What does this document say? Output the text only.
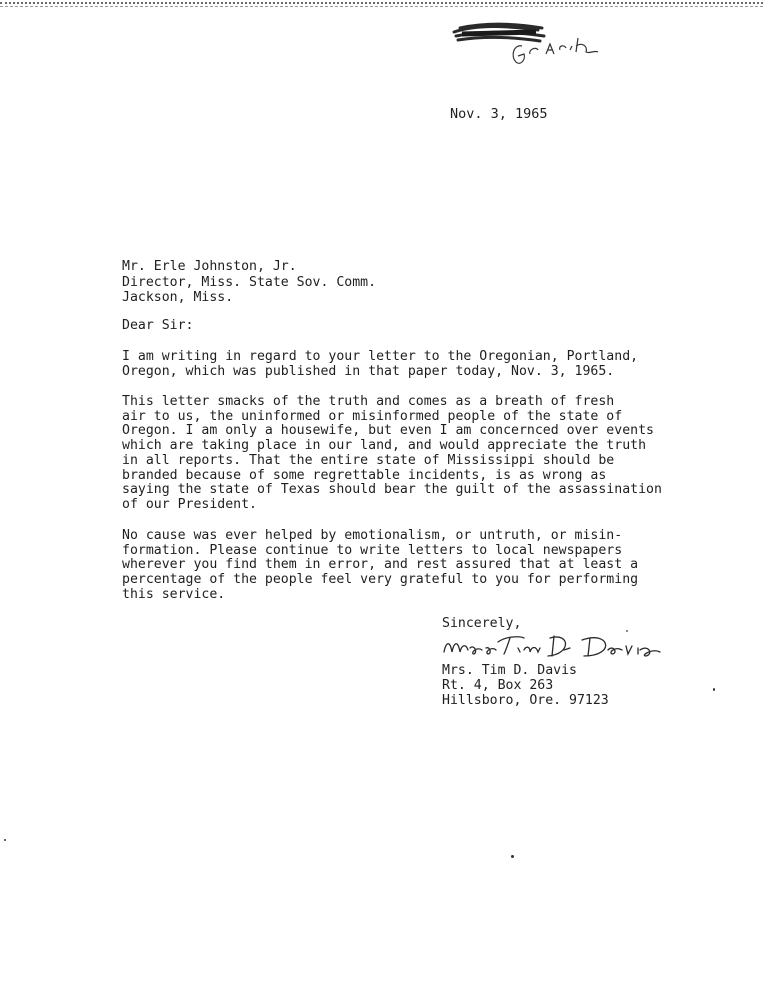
Nov. 3, 1965
Mr. Erle Johnston, Jr.
Director, Miss. State Sov. Comm.
Jackson, Miss.
Dear Sir:
I am writing in regard to your letter to the Oregonian, Portland,
Oregon, which was published in that paper today, Nov. 3, 1965.
This letter smacks of the truth and comes as a breath of fresh
air to us, the uninformed or misinformed people of the state of
Oregon. I am only a housewife, but even I am concernced over events
which are taking place in our land, and would appreciate the truth
in all reports. That the entire state of Mississippi should be
branded because of some regrettable incidents, is as wrong as
saying the state of Texas should bear the guilt of the assassination
of our President.
No cause was ever helped by emotionalism, or untruth, or misin-
formation. Please continue to write letters to local newspapers
wherever you find them in error, and rest assured that at least a
percentage of the people feel very grateful to you for performing
this service.
Sincerely,
Mrs. Tim D. Davis
Rt. 4, Box 263
Hillsboro, Ore. 97123
